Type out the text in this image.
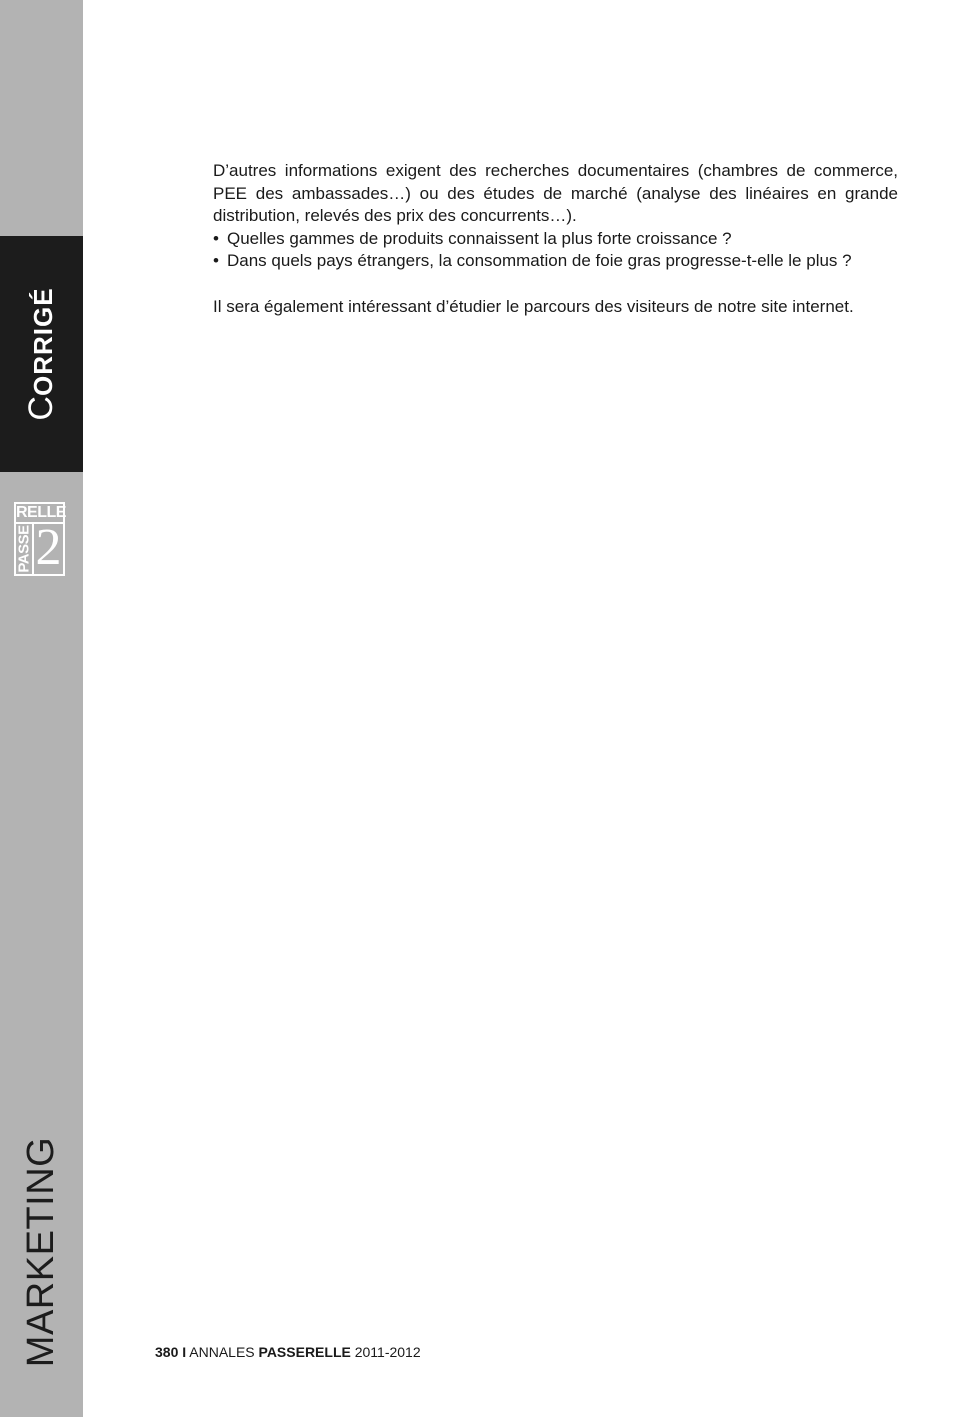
CORRIGÉ
RELLE
PASSE 2
MARKETING

D’autres informations exigent des recherches documentaires (chambres de commerce, PEE des ambassades…) ou des études de marché (analyse des linéaires en grande distribution, relevés des prix des concurrents…).

• Quelles gammes de produits connaissent la plus forte croissance ?
• Dans quels pays étrangers, la consommation de foie gras progresse-t-elle le plus ?

Il sera également intéressant d’étudier le parcours des visiteurs de notre site internet.

380 I ANNALES PASSERELLE 2011-2012
